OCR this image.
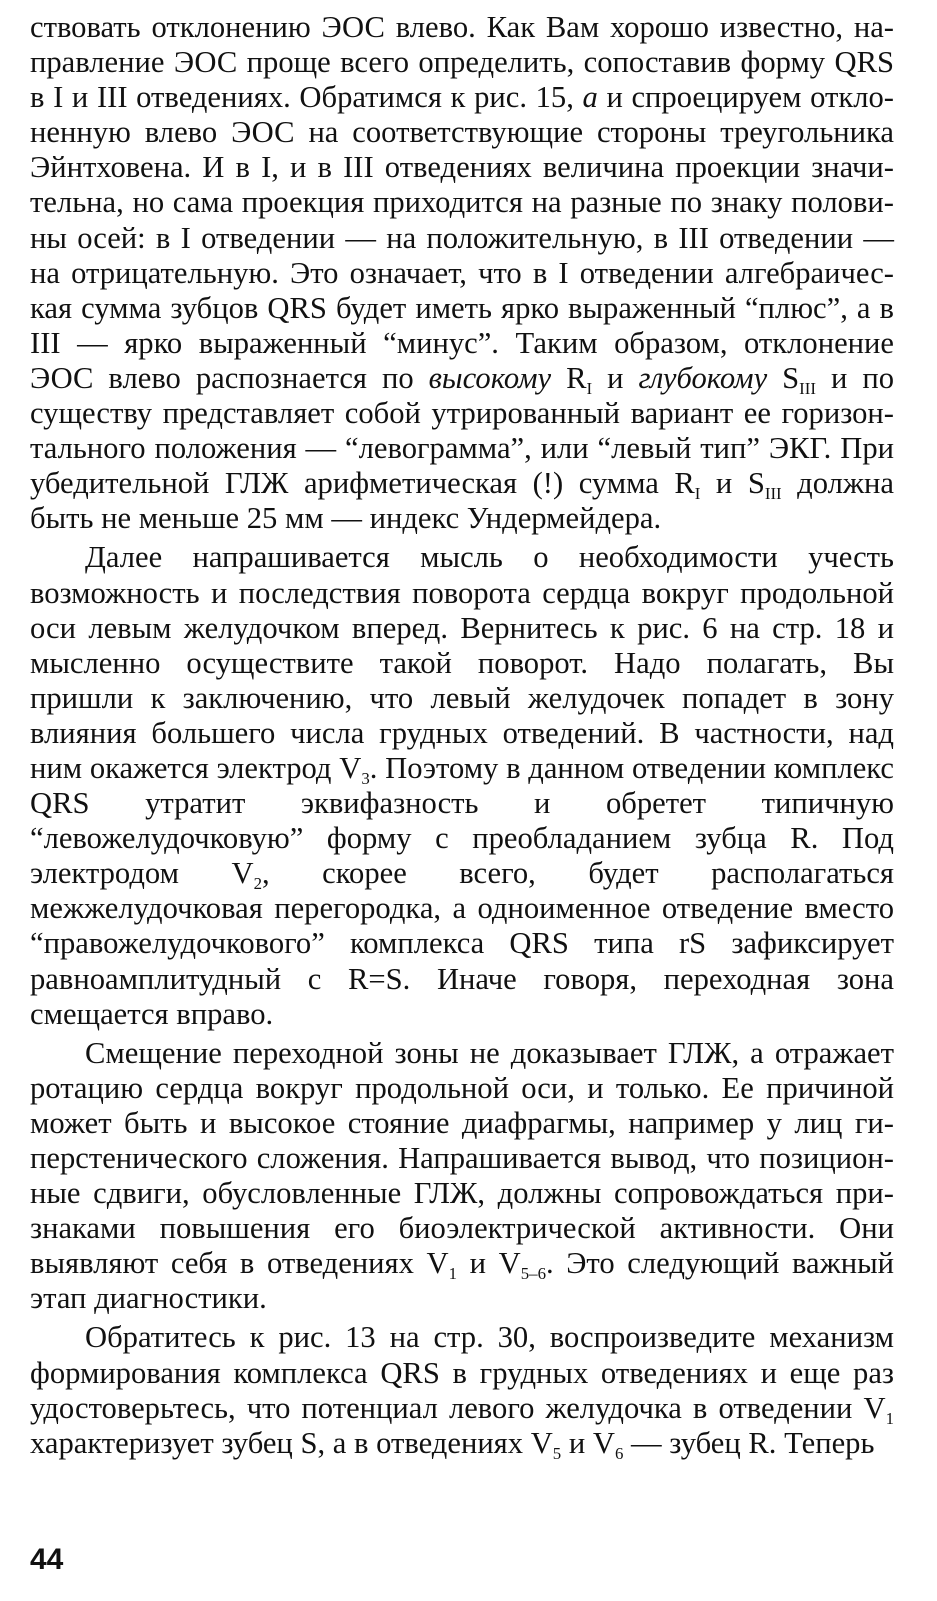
ствовать отклонению ЭОС влево. Как Вам хорошо известно, направление ЭОС проще всего определить, сопоставив форму QRS в I и III отведениях. Обратимся к рис. 15, а и спроецируем отклоненную влево ЭОС на соответствующие стороны треугольника Эйнтховена. И в I, и в III отведениях величина проекции значительна, но сама проекция приходится на разные по знаку половины осей: в I отведении — на положительную, в III отведении — на отрицательную. Это означает, что в I отведении алгебраическая сумма зубцов QRS будет иметь ярко выраженный “плюс”, а в III — ярко выраженный “минус”. Таким образом, отклонение ЭОС влево распознается по высокому $R_I$ и глубокому $S_{III}$ и по существу представляет собой утрированный вариант ее горизонтального положения — “левограмма”, или “левый тип” ЭКГ. При убедительной ГЛЖ арифметическая (!) сумма $R_I$ и $S_{III}$ должна быть не меньше 25 мм — индекс Ундермейдера.

Далее напрашивается мысль о необходимости учесть возможность и последствия поворота сердца вокруг продольной оси левым желудочком вперед. Вернитесь к рис. 6 на стр. 18 и мысленно осуществите такой поворот. Надо полагать, Вы пришли к заключению, что левый желудочек попадет в зону влияния большего числа грудных отведений. В частности, над ним окажется электрод $V_3$. Поэтому в данном отведении комплекс QRS утратит эквифазность и обретет типичную “левожелудочковую” форму с преобладанием зубца R. Под электродом $V_2$, скорее всего, будет располагаться межжелудочковая перегородка, а одноименное отведение вместо “правожелудочкового” комплекса QRS типа rS зафиксирует равноамплитудный с R=S. Иначе говоря, переходная зона смещается вправо.

Смещение переходной зоны не доказывает ГЛЖ, а отражает ротацию сердца вокруг продольной оси, и только. Ее причиной может быть и высокое стояние диафрагмы, например у лиц гиперстенического сложения. Напрашивается вывод, что позиционные сдвиги, обусловленные ГЛЖ, должны сопровождаться признаками повышения его биоэлектрической активности. Они выявляют себя в отведениях $V_1$ и $V_{5-6}$. Это следующий важный этап диагностики.

Обратитесь к рис. 13 на стр. 30, воспроизведите механизм формирования комплекса QRS в грудных отведениях и еще раз удостоверьтесь, что потенциал левого желудочка в отведении $V_1$ характеризует зубец S, а в отведениях $V_5$ и $V_6$ — зубец R. Теперь

44
